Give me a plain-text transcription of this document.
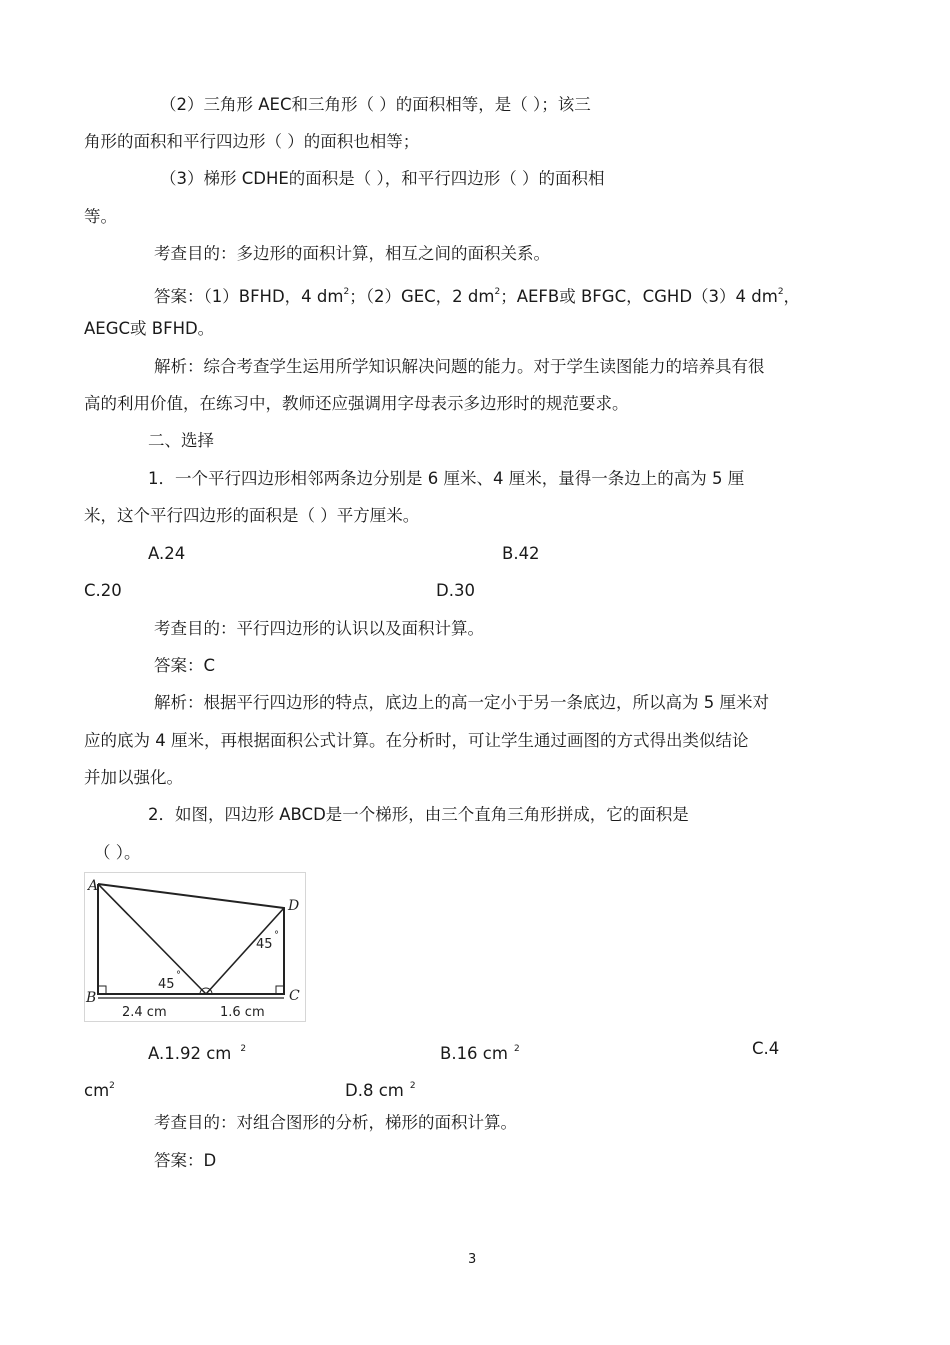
（2）三角形 AEC和三角形（ ）的面积相等，是（ ）；该三
角形的面积和平行四边形（ ）的面积也相等；
（3）梯形 CDHE的面积是（ ），和平行四边形（ ）的面积相
等。
考查目的：多边形的面积计算，相互之间的面积关系。
答案：（1）BFHD，4 $dm^2$；（2）GEC，2 $dm^2$；AEFB或 BFGC，CGHD（3）4 $dm^2$，
AEGC或 BFHD。
解析：综合考查学生运用所学知识解决问题的能力。对于学生读图能力的培养具有很
高的利用价值，在练习中，教师还应强调用字母表示多边形时的规范要求。
二、选择
1．一个平行四边形相邻两条边分别是 6 厘米、4 厘米，量得一条边上的高为 5 厘
米，这个平行四边形的面积是（ ）平方厘米。
A.24	B.42
C.20	D.30
考查目的：平行四边形的认识以及面积计算。
答案：C
解析：根据平行四边形的特点，底边上的高一定小于另一条底边，所以高为 5 厘米对
应的底为 4 厘米，再根据面积公式计算。在分析时，可让学生通过画图的方式得出类似结论
并加以强化。
2．如图，四边形 ABCD是一个梯形，由三个直角三角形拼成，它的面积是
（ ）。
A
D
B	C
45
°
45
°
2.4 cm	1.6 cm
A.1.92 cm $^2$	B.16 cm $^2$	C.4
$cm^2$	D.8 cm $^2$
考查目的：对组合图形的分析，梯形的面积计算。
答案：D
3
